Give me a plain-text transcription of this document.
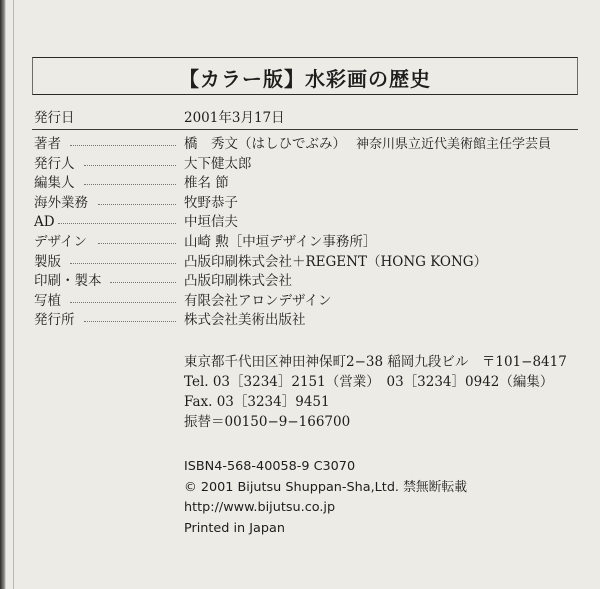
【カラー版】水彩画の歴史
発行日	2001年3月17日
著者	橋　秀文（はしひでぶみ） 神奈川県立近代美術館主任学芸員
発行人	大下健太郎
編集人	椎名 節
海外業務	牧野恭子
AD	中垣信夫
デザイン	山崎 勲［中垣デザイン事務所］
製版	凸版印刷株式会社＋REGENT（HONG KONG）
印刷・製本	凸版印刷株式会社
写植	有限会社アロンデザイン
発行所	株式会社美術出版社
東京都千代田区神田神保町2−38 稲岡九段ビル　〒101−8417
Tel. 03［3234］2151（営業）　03［3234］0942（編集）
Fax. 03［3234］9451
振替＝00150−9−166700
ISBN4-568-40058-9 C3070
© 2001 Bijutsu Shuppan-Sha,Ltd. 禁無断転載
http://www.bijutsu.co.jp
Printed in Japan
